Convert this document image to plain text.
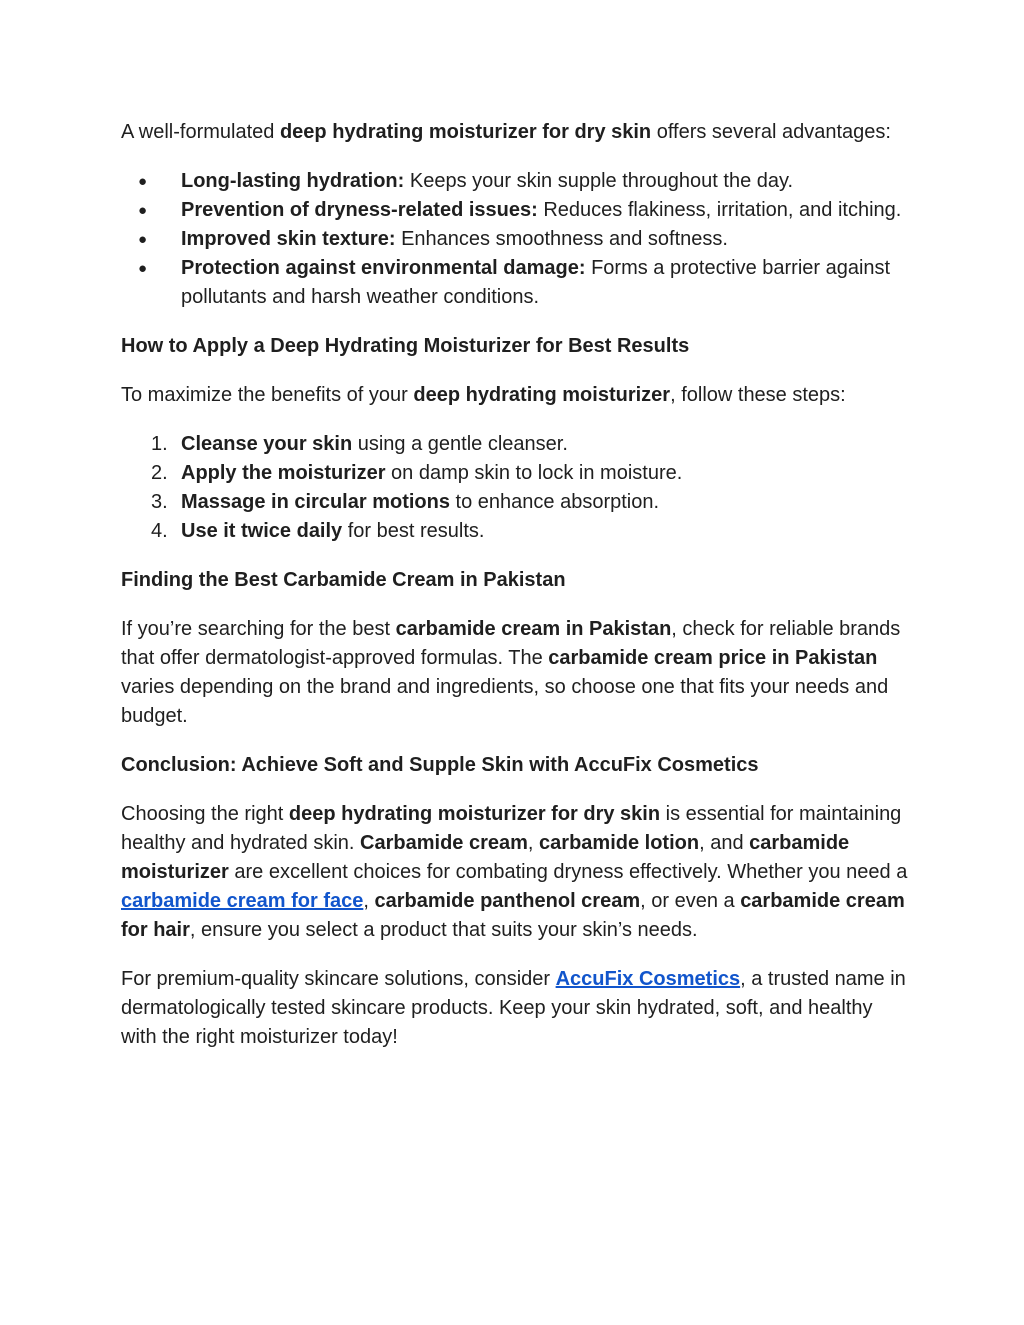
A well-formulated deep hydrating moisturizer for dry skin offers several advantages:

● Long-lasting hydration: Keeps your skin supple throughout the day.
● Prevention of dryness-related issues: Reduces flakiness, irritation, and itching.
● Improved skin texture: Enhances smoothness and softness.
● Protection against environmental damage: Forms a protective barrier against pollutants and harsh weather conditions.
How to Apply a Deep Hydrating Moisturizer for Best Results

To maximize the benefits of your deep hydrating moisturizer, follow these steps:

1. Cleanse your skin using a gentle cleanser.
2. Apply the moisturizer on damp skin to lock in moisture.
3. Massage in circular motions to enhance absorption.
4. Use it twice daily for best results.
Finding the Best Carbamide Cream in Pakistan

If you’re searching for the best carbamide cream in Pakistan, check for reliable brands that offer dermatologist-approved formulas. The carbamide cream price in Pakistan varies depending on the brand and ingredients, so choose one that fits your needs and budget.

Conclusion: Achieve Soft and Supple Skin with AccuFix Cosmetics

Choosing the right deep hydrating moisturizer for dry skin is essential for maintaining healthy and hydrated skin. Carbamide cream, carbamide lotion, and carbamide moisturizer are excellent choices for combating dryness effectively. Whether you need a carbamide cream for face, carbamide panthenol cream, or even a carbamide cream for hair, ensure you select a product that suits your skin’s needs.

For premium-quality skincare solutions, consider AccuFix Cosmetics, a trusted name in dermatologically tested skincare products. Keep your skin hydrated, soft, and healthy with the right moisturizer today!
